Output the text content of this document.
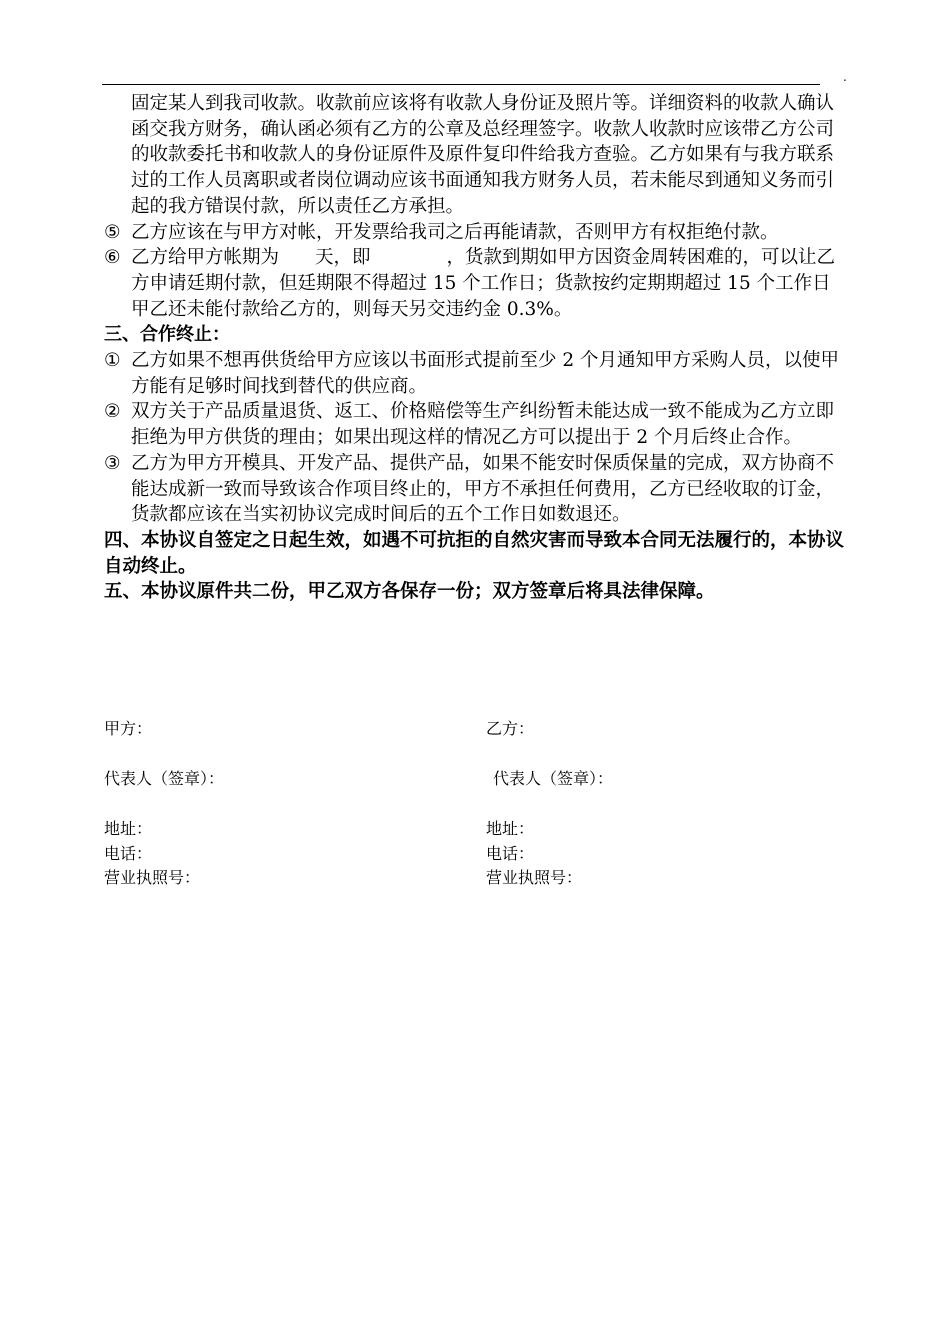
.

固定某人到我司收款。收款前应该将有收款人身份证及照片等。详细资料的收款人确认函交我方财务，确认函必须有乙方的公章及总经理签字。收款人收款时应该带乙方公司的收款委托书和收款人的身份证原件及原件复印件给我方查验。乙方如果有与我方联系过的工作人员离职或者岗位调动应该书面通知我方财务人员，若未能尽到通知义务而引起的我方错误付款，所以责任乙方承担。

⑤ 乙方应该在与甲方对帐，开发票给我司之后再能请款，否则甲方有权拒绝付款。
⑥ 乙方给甲方帐期为 天，即	，货款到期如甲方因资金周转困难的，可以让乙方申请廷期付款，但廷期限不得超过 15 个工作日；货款按约定期期超过 15 个工作日甲乙还未能付款给乙方的，则每天另交违约金 0.3%。
三、合作终止：
① 乙方如果不想再供货给甲方应该以书面形式提前至少 2 个月通知甲方采购人员，以使甲方能有足够时间找到替代的供应商。
② 双方关于产品质量退货、返工、价格赔偿等生产纠纷暂未能达成一致不能成为乙方立即拒绝为甲方供货的理由；如果出现这样的情况乙方可以提出于 2 个月后终止合作。
③ 乙方为甲方开模具、开发产品、提供产品，如果不能安时保质保量的完成，双方协商不能达成新一致而导致该合作项目终止的，甲方不承担任何费用，乙方已经收取的订金，货款都应该在当实初协议完成时间后的五个工作日如数退还。

四、本协议自签定之日起生效，如遇不可抗拒的自然灾害而导致本合同无法履行的，本协议自动终止。

五、本协议原件共二份，甲乙双方各保存一份；双方签章后将具法律保障。

甲方：	乙方：
代表人（签章）：	代表人（签章）：
地址：	地址：
电话：	电话：
营业执照号：	营业执照号：
